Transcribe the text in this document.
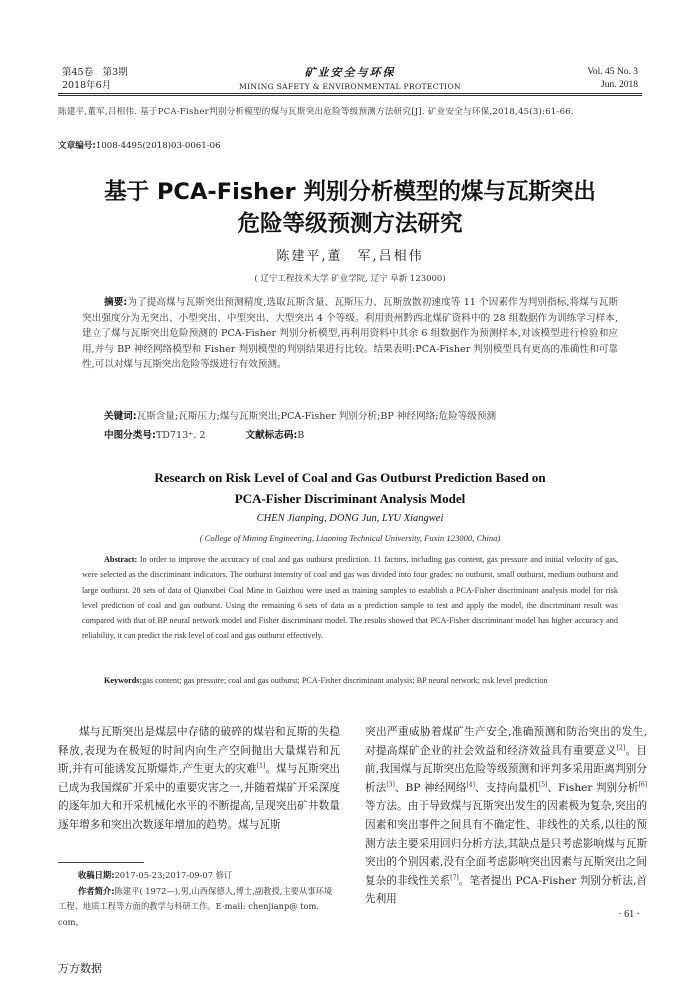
第45卷　第3期
2018年6月
矿业安全与环保
MINING SAFETY & ENVIRONMENTAL PROTECTION
Vol. 45 No. 3
Jun. 2018
陈建平,董军,吕相伟. 基于PCA-Fisher判别分析模型的煤与瓦斯突出危险等级预测方法研究[J]. 矿业安全与环保,2018,45(3):61-66.
文章编号:1008-4495(2018)03-0061-06
基于 PCA-Fisher 判别分析模型的煤与瓦斯突出
危险等级预测方法研究
陈建平,董　军,吕相伟
( 辽宁工程技术大学 矿业学院, 辽宁 阜新 123000)
摘要:为了提高煤与瓦斯突出预测精度,选取瓦斯含量、瓦斯压力、瓦斯放散初速度等 11 个因素作为判别指标,将煤与瓦斯突出强度分为无突出、小型突出、中型突出、大型突出 4 个等级。利用贵州黔西北煤矿资料中的 28 组数据作为训练学习样本,建立了煤与瓦斯突出危险预测的 PCA-Fisher 判别分析模型,再利用资料中其余 6 组数据作为预测样本,对该模型进行检验和应用,并与 BP 神经网络模型和 Fisher 判别模型的判别结果进行比较。结果表明:PCA-Fisher 判别模型具有更高的准确性和可靠性,可以对煤与瓦斯突出危险等级进行有效预测。
关键词:瓦斯含量;瓦斯压力;煤与瓦斯突出;PCA-Fisher 判别分析;BP 神经网络;危险等级预测
中图分类号:TD713⁺. 2	文献标志码:B
Research on Risk Level of Coal and Gas Outburst Prediction Based on
PCA-Fisher Discriminant Analysis Model
CHEN Jianping, DONG Jun, LYU Xiangwei
( College of Mining Engineering, Liaoning Technical University, Fuxin 123000, China)
Abstract: In order to improve the accuracy of coal and gas outburst prediction. 11 factors, including gas content, gas pressure and initial velocity of gas, were selected as the discriminant indicators. The outburst intensity of coal and gas was divided into four grades: no outburst, small outburst, medium outburst and large outburst. 28 sets of data of Qianxibei Coal Mine in Guizhou were used as training samples to establish a PCA-Fisher discriminant analysis model for risk level prediction of coal and gas outburst. Using the remaining 6 sets of data as a prediction sample to test and apply the model, the discriminant result was compared with that of BP neural network model and Fisher discriminant model. The results showed that PCA-Fisher discriminant model has higher accuracy and reliability, it can predict the risk level of coal and gas outburst effectively.
Keywords:gas content; gas pressure; coal and gas outburst; PCA-Fisher discriminant analysis; BP neural network; risk level prediction
煤与瓦斯突出是煤层中存储的破碎的煤岩和瓦斯的失稳释放,表现为在极短的时间内向生产空间抛出大量煤岩和瓦斯,并有可能诱发瓦斯爆炸,产生更大的灾难[1]。煤与瓦斯突出已成为我国煤矿开采中的重要灾害之一,并随着煤矿开采深度的逐年加大和开采机械化水平的不断提高,呈现突出矿井数量逐年增多和突出次数逐年增加的趋势。煤与瓦斯
突出严重威胁着煤矿生产安全,准确预测和防治突出的发生,对提高煤矿企业的社会效益和经济效益具有重要意义[2]。目前,我国煤与瓦斯突出危险等级预测和评判多采用距离判别分析法[3]、BP 神经网络[4]、支持向量机[5]、Fisher 判别分析[6]等方法。由于导致煤与瓦斯突出发生的因素极为复杂,突出的因素和突出事件之间具有不确定性、非线性的关系,以往的预测方法主要采用回归分析方法,其缺点是只考虑影响煤与瓦斯突出的个别因素,没有全面考虑影响突出因素与瓦斯突出之间复杂的非线性关系[7]。笔者提出 PCA-Fisher 判别分析法,首先利用
收稿日期:2017-05-23;2017-09-07 修订
作者简介:陈建平( 1972—),男,山西保德人,博士,副教授,主要从事环境工程、地质工程等方面的教学与科研工作。E-mail: chenjianp@ tom. com。
· 61 ·
万方数据
